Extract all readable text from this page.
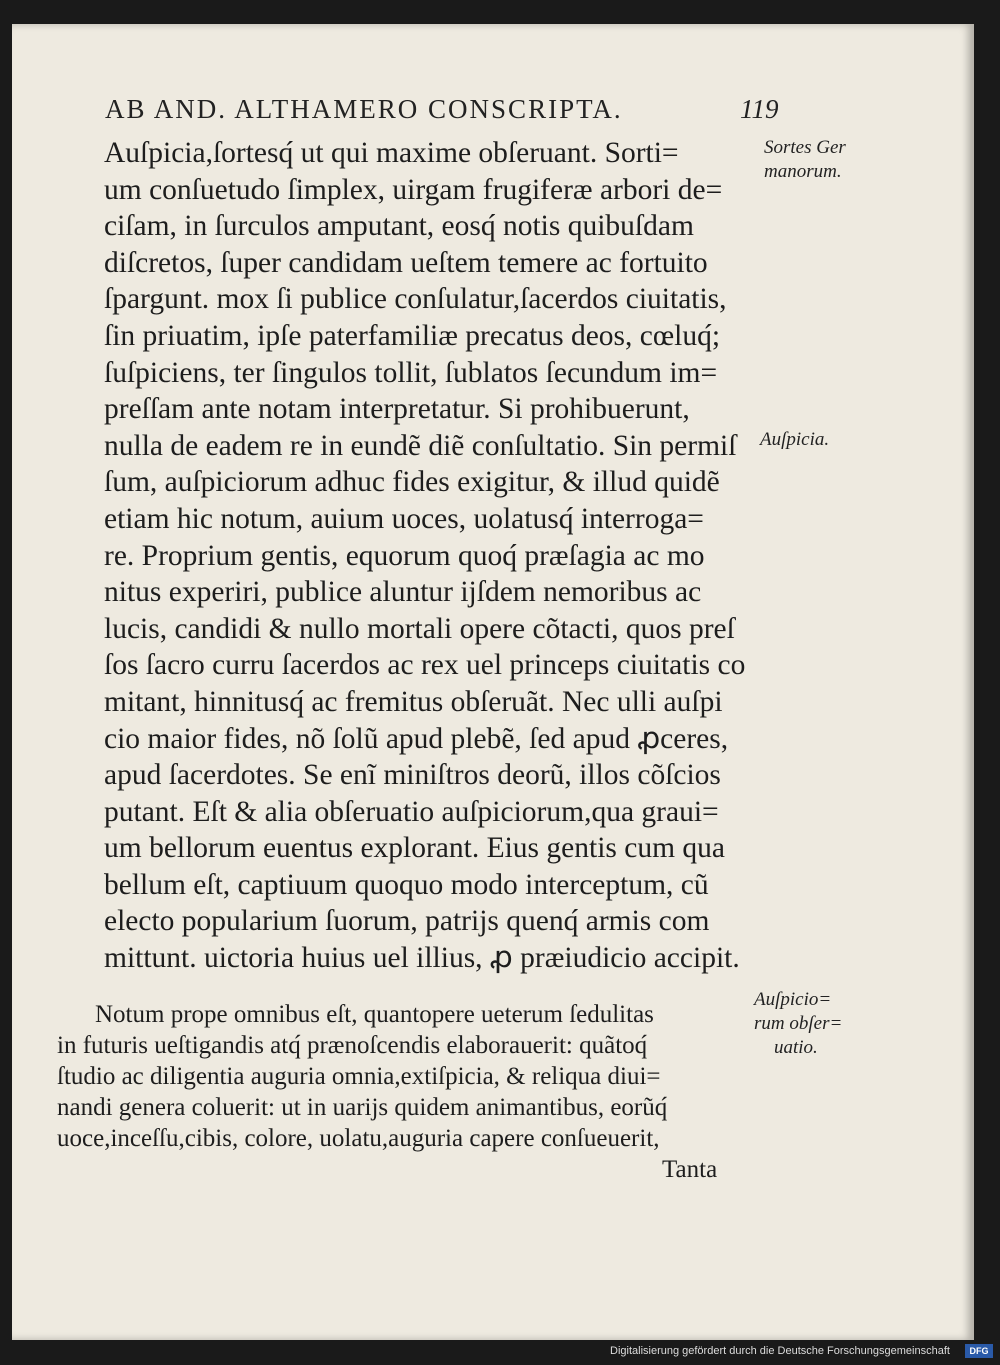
AB AND. ALTHAMERO CONSCRIPTA.	119
Auſpicia,ſortesq́ ut qui maxime obſeruant. Sorti=
um conſuetudo ſimplex, uirgam frugiferæ arbori de=
ciſam, in ſurculos amputant, eosq́ notis quibuſdam
diſcretos, ſuper candidam ueſtem temere ac fortuito
ſpargunt. mox ſi publice conſulatur,ſacerdos ciuitatis,
ſin priuatim, ipſe paterfamiliæ precatus deos, cœluq́;
ſuſpiciens, ter ſingulos tollit, ſublatos ſecundum im=
preſſam ante notam interpretatur. Si prohibuerunt,
nulla de eadem re in eundẽ diẽ conſultatio. Sin permiſ
ſum, auſpiciorum adhuc fides exigitur, & illud quidẽ
etiam hic notum, auium uoces, uolatusq́ interroga=
re. Proprium gentis, equorum quoq́ præſagia ac mo
nitus experiri, publice aluntur ijſdem nemoribus ac
lucis, candidi & nullo mortali opere cõtacti, quos preſ
ſos ſacro curru ſacerdos ac rex uel princeps ciuitatis co
mitant, hinnitusq́ ac fremitus obſeruãt. Nec ulli auſpi
cio maior fides, nõ ſolũ apud plebẽ, ſed apud ꝓceres,
apud ſacerdotes. Se enĩ miniſtros deorũ, illos cõſcios
putant. Eſt & alia obſeruatio auſpiciorum,qua graui=
um bellorum euentus explorant. Eius gentis cum qua
bellum eſt, captiuum quoquo modo interceptum, cũ
electo popularium ſuorum, patrijs quenq́ armis com
mittunt. uictoria huius uel illius, ꝓ præiudicio accipit.
Notum prope omnibus eſt, quantopere ueterum ſedulitas
in futuris ueſtigandis atq́ prænoſcendis elaborauerit: quãtoq́
ſtudio ac diligentia auguria omnia,extiſpicia, & reliqua diui=
nandi genera coluerit: ut in uarijs quidem animantibus, eorũq́
uoce,inceſſu,cibis, colore, uolatu,auguria capere conſueuerit,
Tanta
Sortes Ger
manorum.
Auſpicia.
Auſpicio=
rum obſer=
uatio.
Digitalisierung gefördert durch die Deutsche Forschungsgemeinschaft	DFG
